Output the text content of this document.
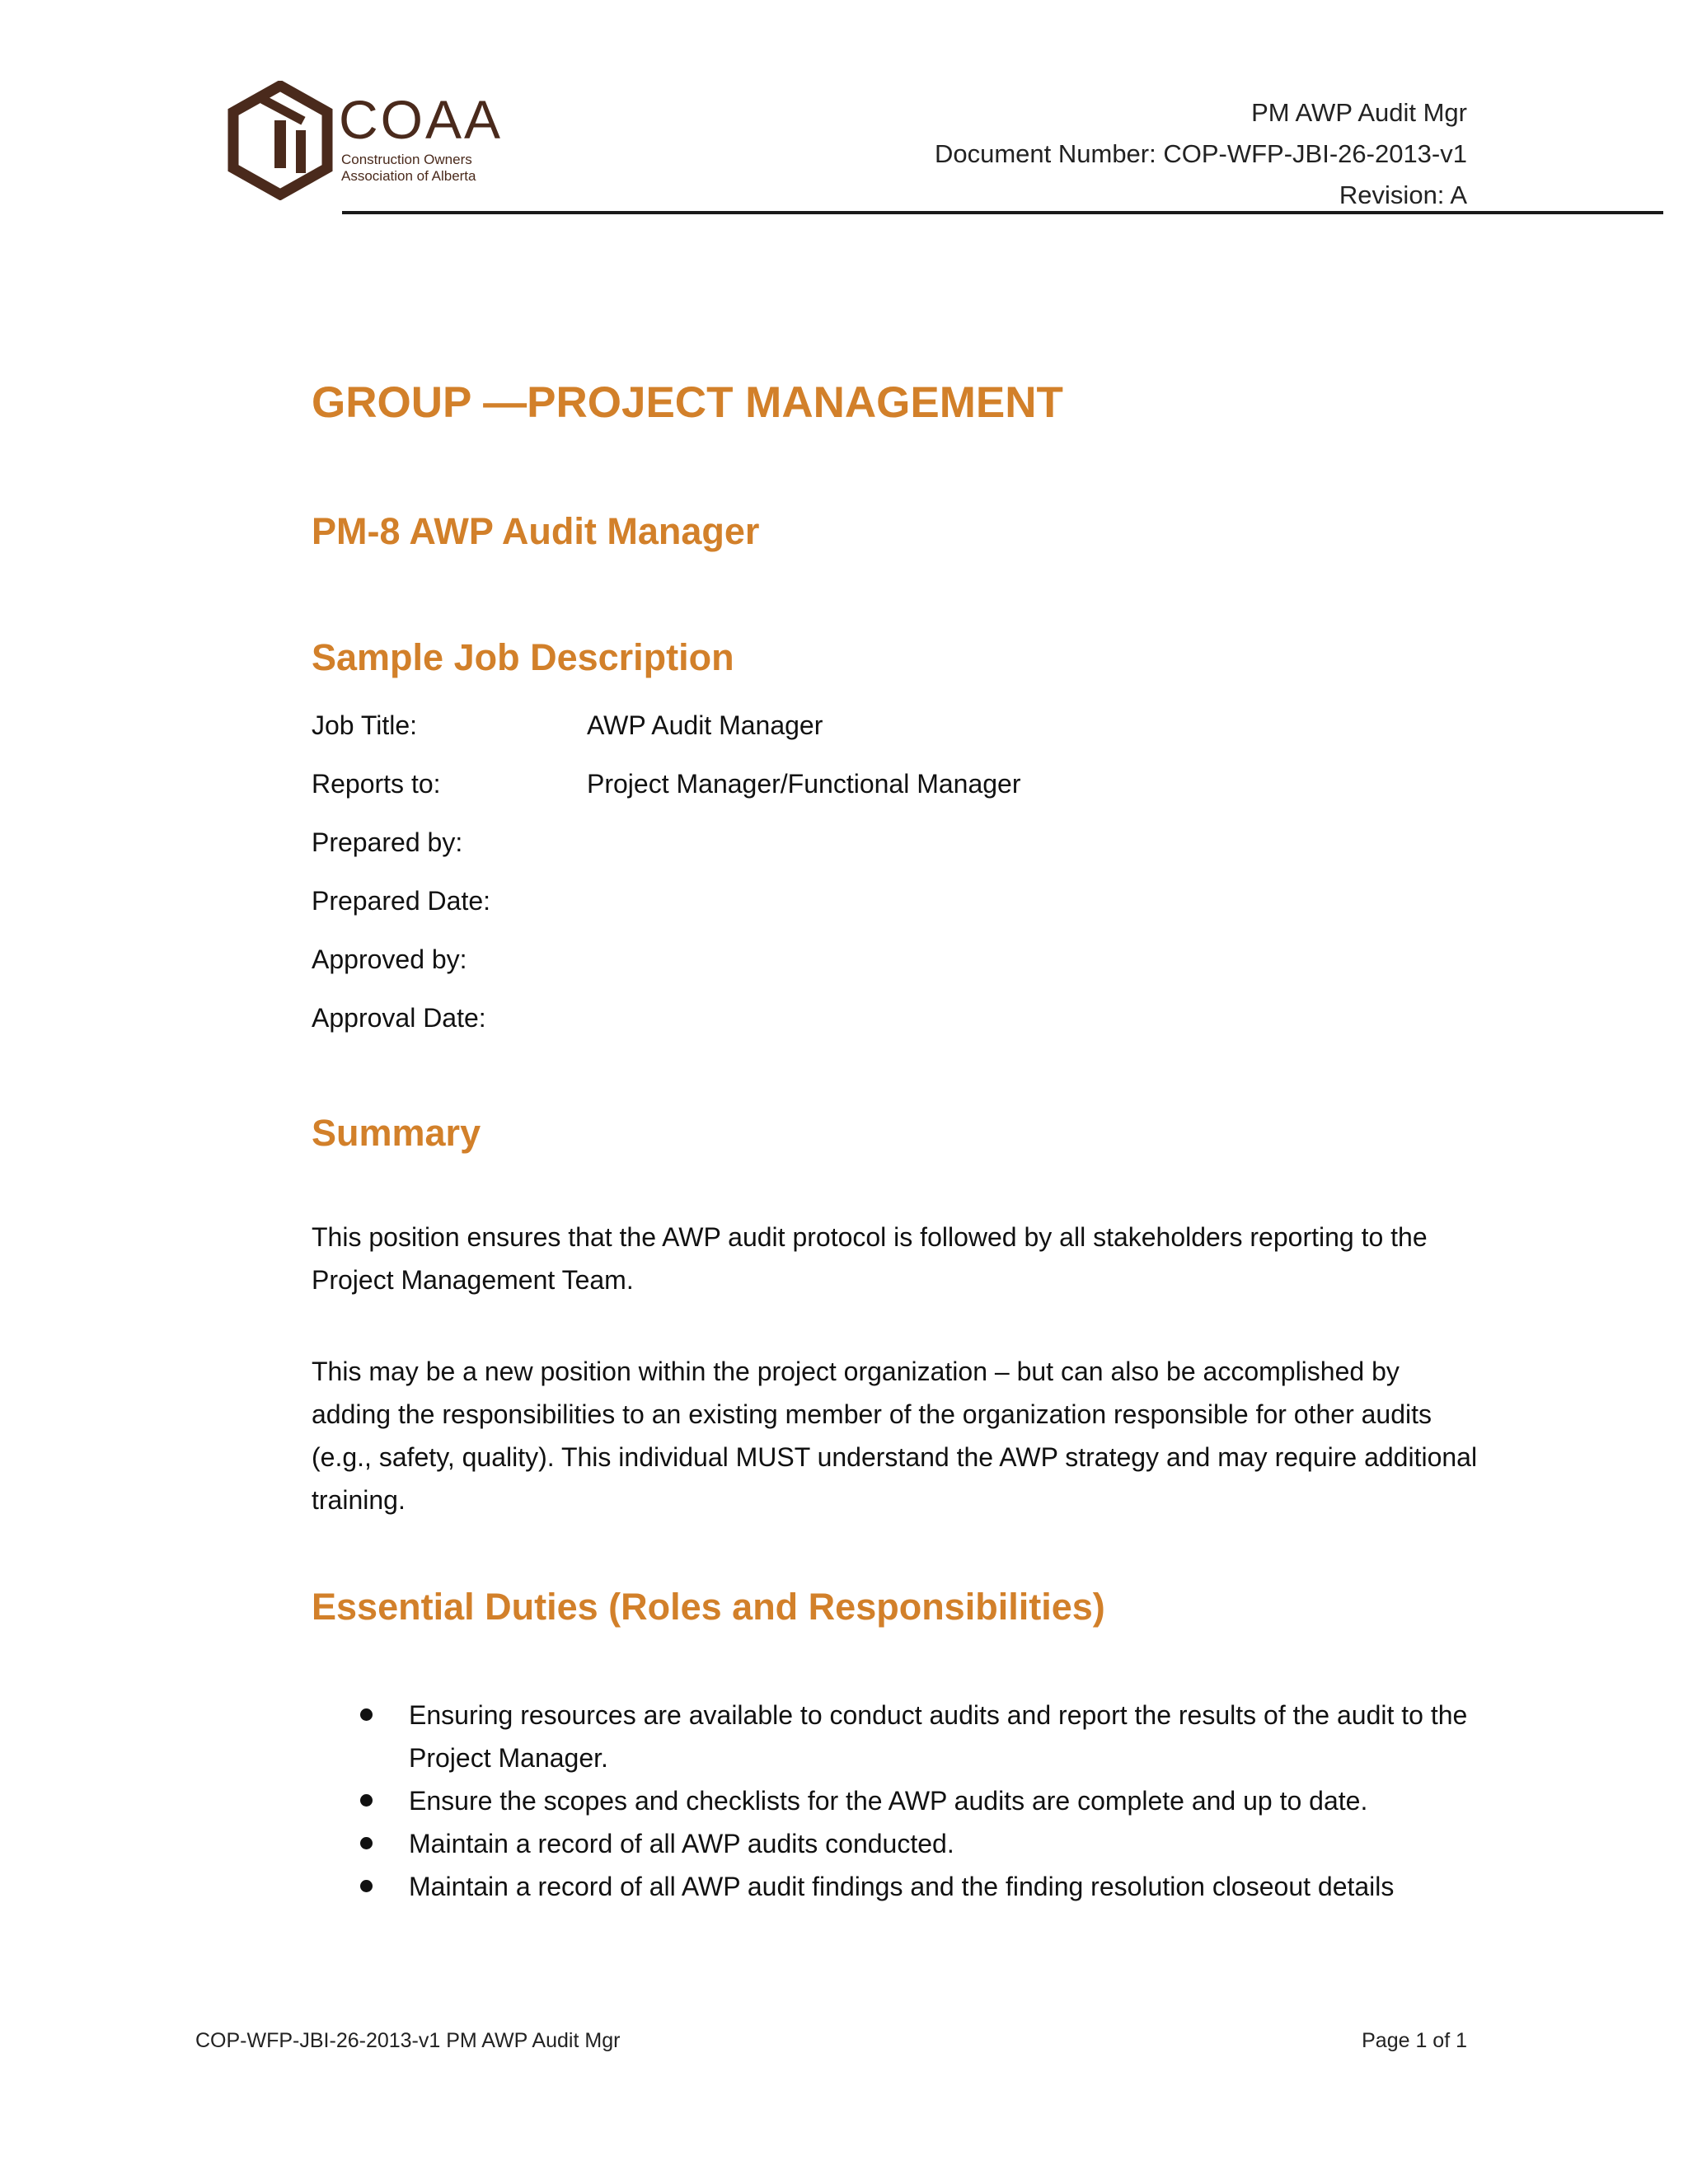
COAA
Construction Owners
Association of Alberta
PM AWP Audit Mgr
Document Number: COP-WFP-JBI-26-2013-v1
Revision: A
GROUP —PROJECT MANAGEMENT
PM-8 AWP Audit Manager
Sample Job Description
Job Title:	AWP Audit Manager
Reports to:	Project Manager/Functional Manager
Prepared by:
Prepared Date:
Approved by:
Approval Date:
Summary

This position ensures that the AWP audit protocol is followed by all stakeholders reporting to the Project Management Team.

This may be a new position within the project organization – but can also be accomplished by adding the responsibilities to an existing member of the organization responsible for other audits (e.g., safety, quality). This individual MUST understand the AWP strategy and may require additional training.

Essential Duties (Roles and Responsibilities)
Ensuring resources are available to conduct audits and report the results of the audit to the Project Manager.
Ensure the scopes and checklists for the AWP audits are complete and up to date.
Maintain a record of all AWP audits conducted.
Maintain a record of all AWP audit findings and the finding resolution closeout details
COP-WFP-JBI-26-2013-v1 PM AWP Audit Mgr	Page 1 of 1
